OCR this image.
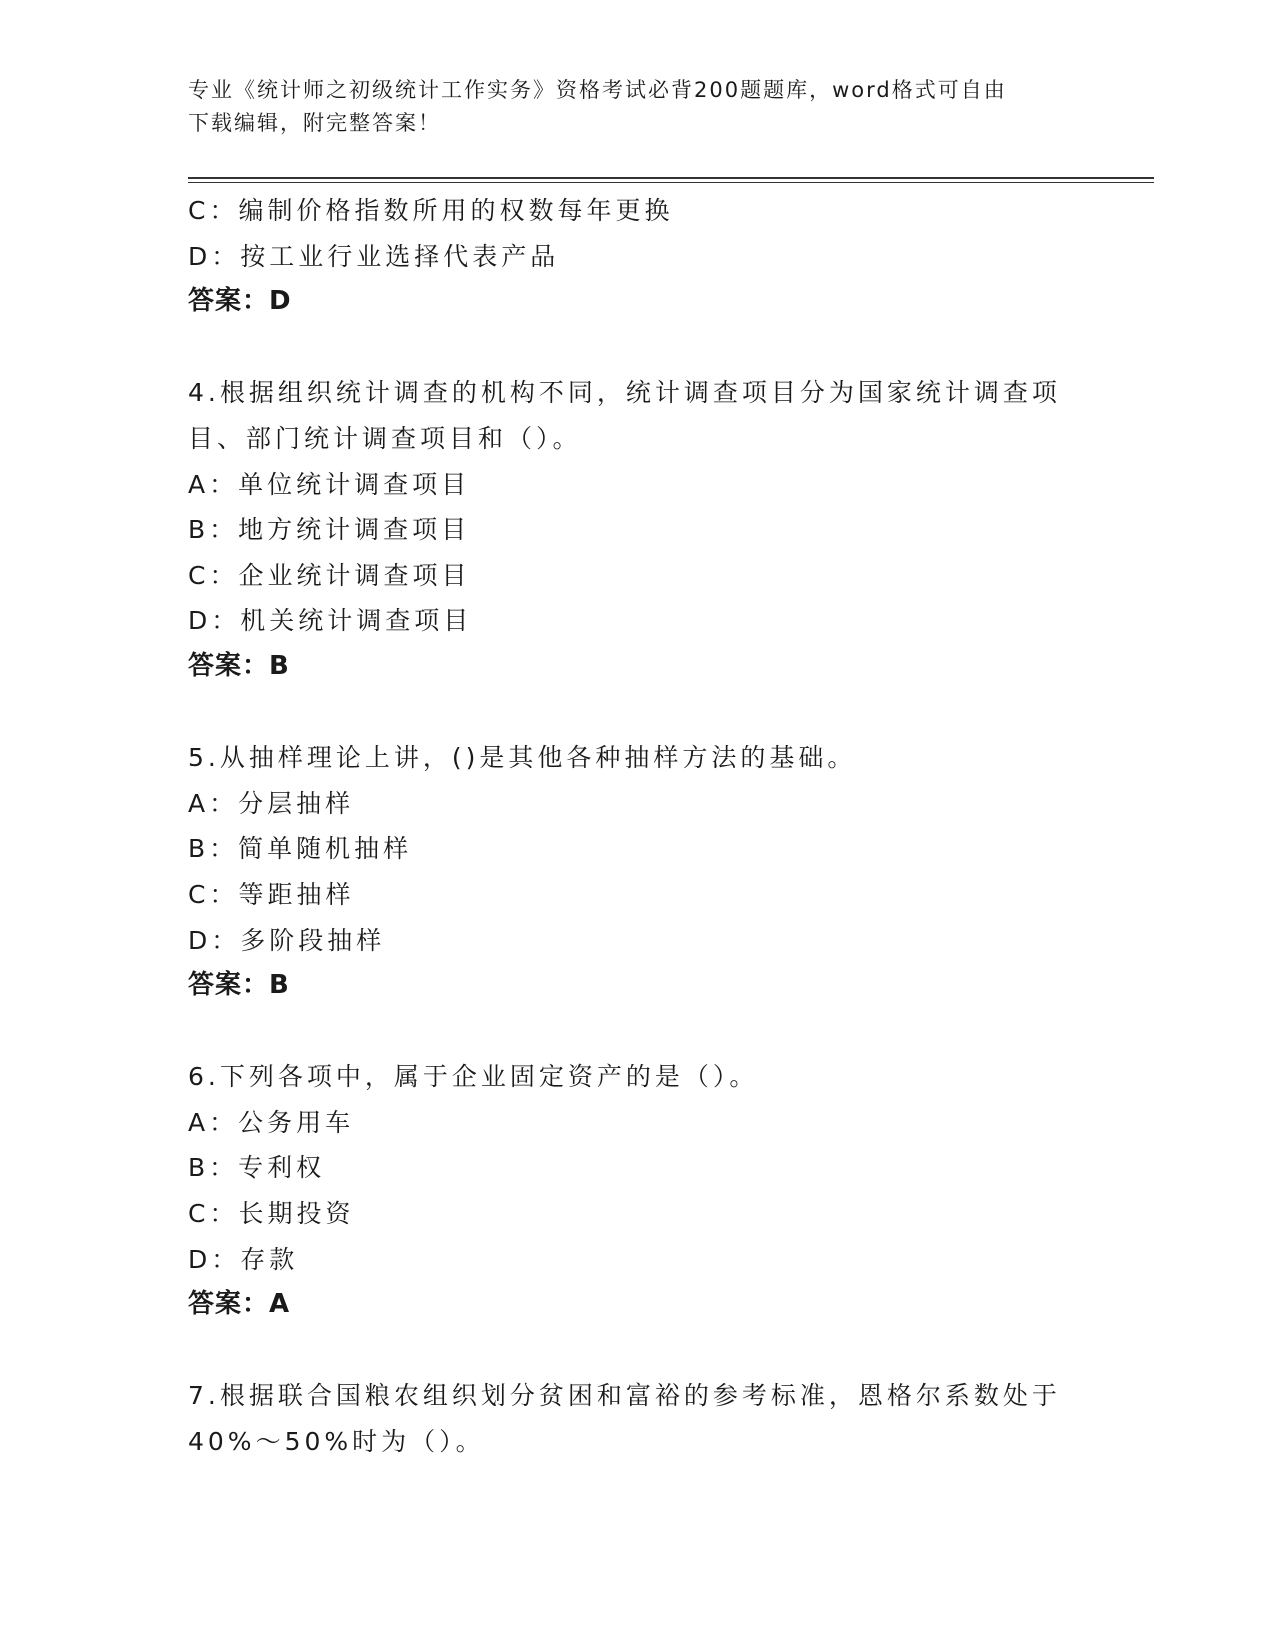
专业《统计师之初级统计工作实务》资格考试必背200题题库，word格式可自由
下载编辑，附完整答案！
C：编制价格指数所用的权数每年更换
D：按工业行业选择代表产品
答案：D
4.根据组织统计调查的机构不同，统计调查项目分为国家统计调查项
目、部门统计调查项目和（）。
A：单位统计调查项目
B：地方统计调查项目
C：企业统计调查项目
D：机关统计调查项目
答案：B
5.从抽样理论上讲，()是其他各种抽样方法的基础。
A：分层抽样
B：简单随机抽样
C：等距抽样
D：多阶段抽样
答案：B
6.下列各项中，属于企业固定资产的是（）。
A：公务用车
B：专利权
C：长期投资
D：存款
答案：A
7.根据联合国粮农组织划分贫困和富裕的参考标准，恩格尔系数处于
40%～50%时为（）。
